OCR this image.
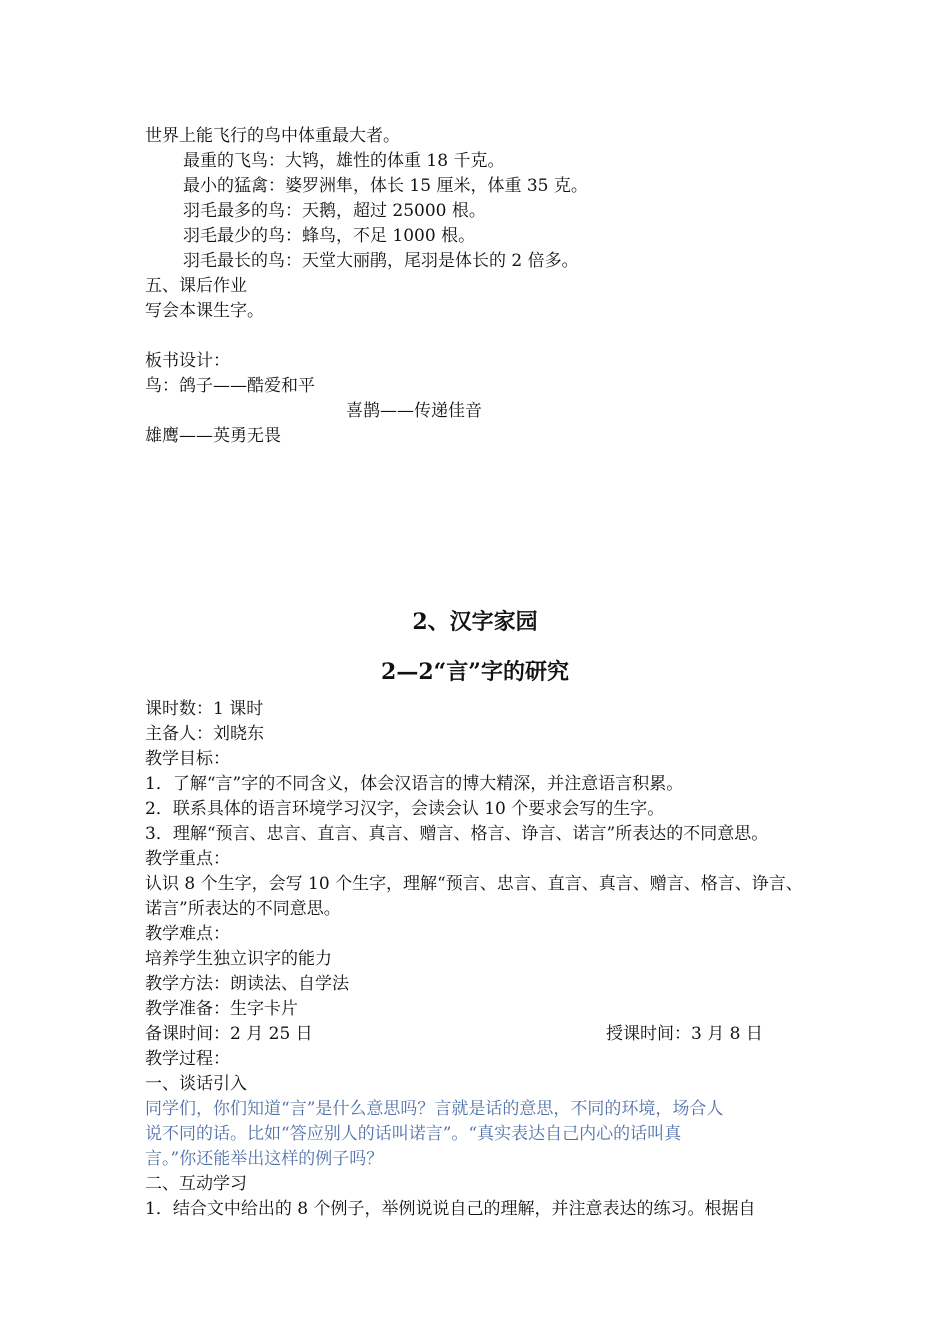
世界上能飞行的鸟中体重最大者。
最重的飞鸟：大鸨，雄性的体重 18 千克。
最小的猛禽：婆罗洲隼，体长 15 厘米，体重 35 克。
羽毛最多的鸟：天鹅，超过 25000 根。
羽毛最少的鸟：蜂鸟，不足 1000 根。
羽毛最长的鸟：天堂大丽鹃，尾羽是体长的 2 倍多。
五、课后作业
写会本课生字。
板书设计：
鸟：鸽子——酷爱和平
喜鹊——传递佳音
雄鹰——英勇无畏
2、汉字家园
2—2“言”字的研究
课时数：1 课时
主备人：刘晓东
教学目标：
1．了解“言”字的不同含义，体会汉语言的博大精深，并注意语言积累。
2．联系具体的语言环境学习汉字，会读会认 10 个要求会写的生字。
3．理解“预言、忠言、直言、真言、赠言、格言、诤言、诺言”所表达的不同意思。
教学重点：
认识 8 个生字，会写 10 个生字，理解“预言、忠言、直言、真言、赠言、格言、诤言、
诺言”所表达的不同意思。
教学难点：
培养学生独立识字的能力
教学方法：朗读法、自学法
教学准备：生字卡片
备课时间：2 月 25 日	授课时间：3 月 8 日
教学过程：
一、谈话引入
同学们，你们知道“言”是什么意思吗？言就是话的意思，不同的环境，场合人
说不同的话。比如“答应别人的话叫诺言”。“真实表达自己内心的话叫真
言。”你还能举出这样的例子吗？
二、互动学习
1．结合文中给出的 8 个例子，举例说说自己的理解，并注意表达的练习。根据自
